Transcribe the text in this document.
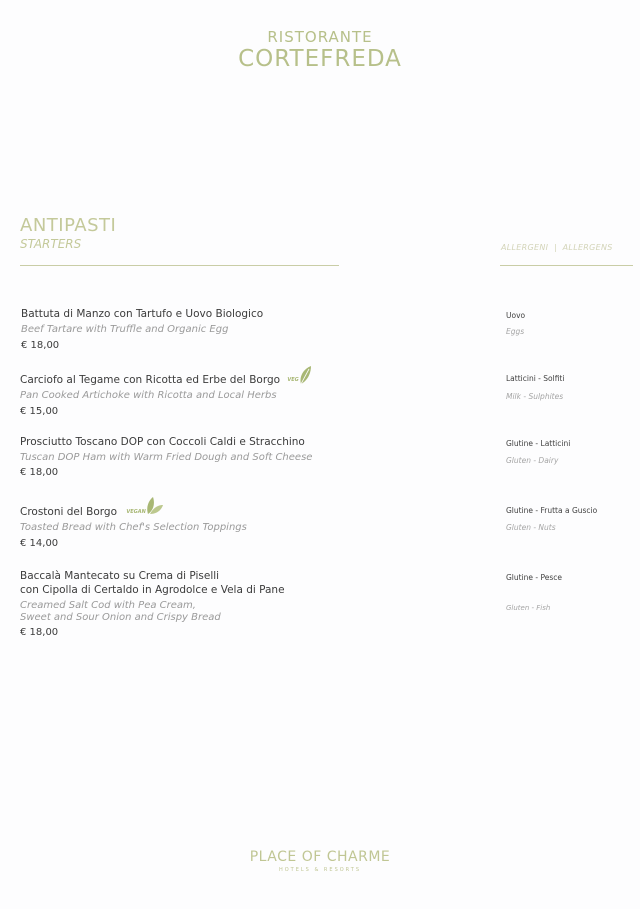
RISTORANTE
CORTEFREDA
ANTIPASTI
STARTERS	ALLERGENI  |  ALLERGENS
Battuta di Manzo con Tartufo e Uovo Biologico
Beef Tartare with Truffle and Organic Egg
€ 18,00
Uovo
Eggs
Carciofo al Tegame con Ricotta ed Erbe del Borgo VEG
Pan Cooked Artichoke with Ricotta and Local Herbs
€ 15,00
Latticini - Solfiti
Milk - Sulphites
Prosciutto Toscano DOP con Coccoli Caldi e Stracchino
Tuscan DOP Ham with Warm Fried Dough and Soft Cheese
€ 18,00
Glutine - Latticini
Gluten - Dairy
Crostoni del Borgo VEGAN
Toasted Bread with Chef's Selection Toppings
€ 14,00
Glutine - Frutta a Guscio
Gluten - Nuts
Baccalà Mantecato su Crema di Piselli
con Cipolla di Certaldo in Agrodolce e Vela di Pane
Creamed Salt Cod with Pea Cream,
Sweet and Sour Onion and Crispy Bread
€ 18,00
Glutine - Pesce
Gluten - Fish
PLACE OF CHARME
HOTELS & RESORTS
